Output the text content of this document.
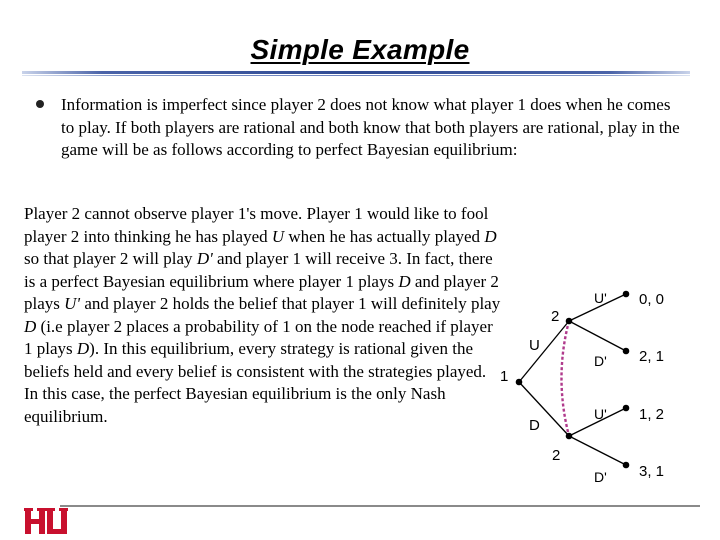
Simple Example
Information is imperfect since player 2 does not know what player 1 does when he comes to play. If both players are rational and both know that both players are rational, play in the game will be as follows according to perfect Bayesian equilibrium:
Player 2 cannot observe player 1's move. Player 1 would like to fool player 2 into thinking he has played U when he has actually played D so that player 2 will play D' and player 1 will receive 3. In fact, there is a perfect Bayesian equilibrium where player 1 plays D and player 2 plays U' and player 2 holds the belief that player 1 will definitely play D (i.e player 2 places a probability of 1 on the node reached if player 1 plays D). In this equilibrium, every strategy is rational given the beliefs held and every belief is consistent with the strategies played. In this case, the perfect Bayesian equilibrium is the only Nash equilibrium.
1
2
2
U
D
U'
D'
U'
D'
0, 0
2, 1
1, 2
3, 1
